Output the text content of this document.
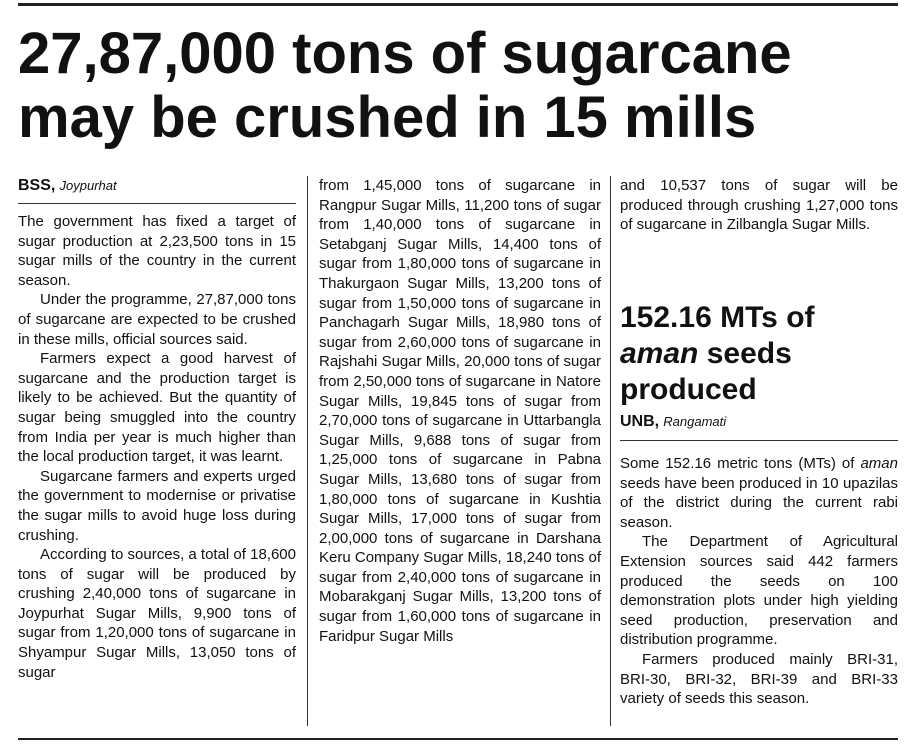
27,87,000 tons of sugarcane may be crushed in 15 mills
BSS, Joypurhat

The government has fixed a target of sugar production at 2,23,500 tons in 15 sugar mills of the country in the current season.

Under the programme, 27,87,000 tons of sugarcane are expected to be crushed in these mills, official sources said.

Farmers expect a good harvest of sugarcane and the production target is likely to be achieved. But the quantity of sugar being smuggled into the country from India per year is much higher than the local production target, it was learnt.

Sugarcane farmers and experts urged the government to modernise or privatise the sugar mills to avoid huge loss during crushing.

According to sources, a total of 18,600 tons of sugar will be produced by crushing 2,40,000 tons of sugarcane in Joypurhat Sugar Mills, 9,900 tons of sugar from 1,20,000 tons of sugarcane in Shyampur Sugar Mills, 13,050 tons of sugar

from 1,45,000 tons of sugarcane in Rangpur Sugar Mills, 11,200 tons of sugar from 1,40,000 tons of sugarcane in Setabganj Sugar Mills, 14,400 tons of sugar from 1,80,000 tons of sugarcane in Thakurgaon Sugar Mills, 13,200 tons of sugar from 1,50,000 tons of sugarcane in Panchagarh Sugar Mills, 18,980 tons of sugar from 2,60,000 tons of sugarcane in Rajshahi Sugar Mills, 20,000 tons of sugar from 2,50,000 tons of sugarcane in Natore Sugar Mills, 19,845 tons of sugar from 2,70,000 tons of sugarcane in Uttarbangla Sugar Mills, 9,688 tons of sugar from 1,25,000 tons of sugarcane in Pabna Sugar Mills, 13,680 tons of sugar from 1,80,000 tons of sugarcane in Kushtia Sugar Mills, 17,000 tons of sugar from 2,00,000 tons of sugarcane in Darshana Keru Company Sugar Mills, 18,240 tons of sugar from 2,40,000 tons of sugarcane in Mobarakganj Sugar Mills, 13,200 tons of sugar from 1,60,000 tons of sugarcane in Faridpur Sugar Mills

and 10,537 tons of sugar will be produced through crushing 1,27,000 tons of sugarcane in Zilbangla Sugar Mills.

152.16 MTs of
aman seeds produced
UNB, Rangamati

Some 152.16 metric tons (MTs) of aman seeds have been produced in 10 upazilas of the district during the current rabi season.

The Department of Agricultural Extension sources said 442 farmers produced the seeds on 100 demonstration plots under high yielding seed production, preservation and distribution programme.

Farmers produced mainly BRI-31, BRI-30, BRI-32, BRI-39 and BRI-33 variety of seeds this season.
